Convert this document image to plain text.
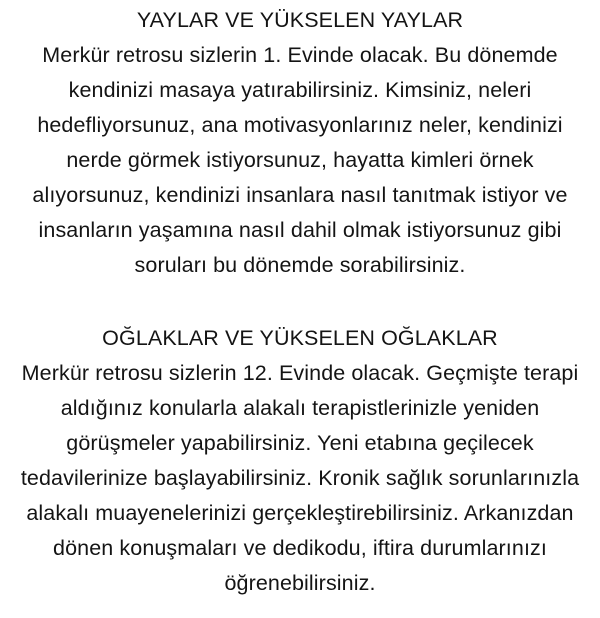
YAYLAR VE YÜKSELEN YAYLAR
Merkür retrosu sizlerin 1. Evinde olacak. Bu dönemde
kendinizi masaya yatırabilirsiniz. Kimsiniz, neleri
hedefliyorsunuz, ana motivasyonlarınız neler, kendinizi
nerde görmek istiyorsunuz, hayatta kimleri örnek
alıyorsunuz, kendinizi insanlara nasıl tanıtmak istiyor ve
insanların yaşamına nasıl dahil olmak istiyorsunuz gibi
soruları bu dönemde sorabilirsiniz.
OĞLAKLAR VE YÜKSELEN OĞLAKLAR
Merkür retrosu sizlerin 12. Evinde olacak. Geçmişte terapi
aldığınız konularla alakalı terapistlerinizle yeniden
görüşmeler yapabilirsiniz. Yeni etabına geçilecek
tedavilerinize başlayabilirsiniz. Kronik sağlık sorunlarınızla
alakalı muayenelerinizi gerçekleştirebilirsiniz. Arkanızdan
dönen konuşmaları ve dedikodu, iftira durumlarınızı
öğrenebilirsiniz.
